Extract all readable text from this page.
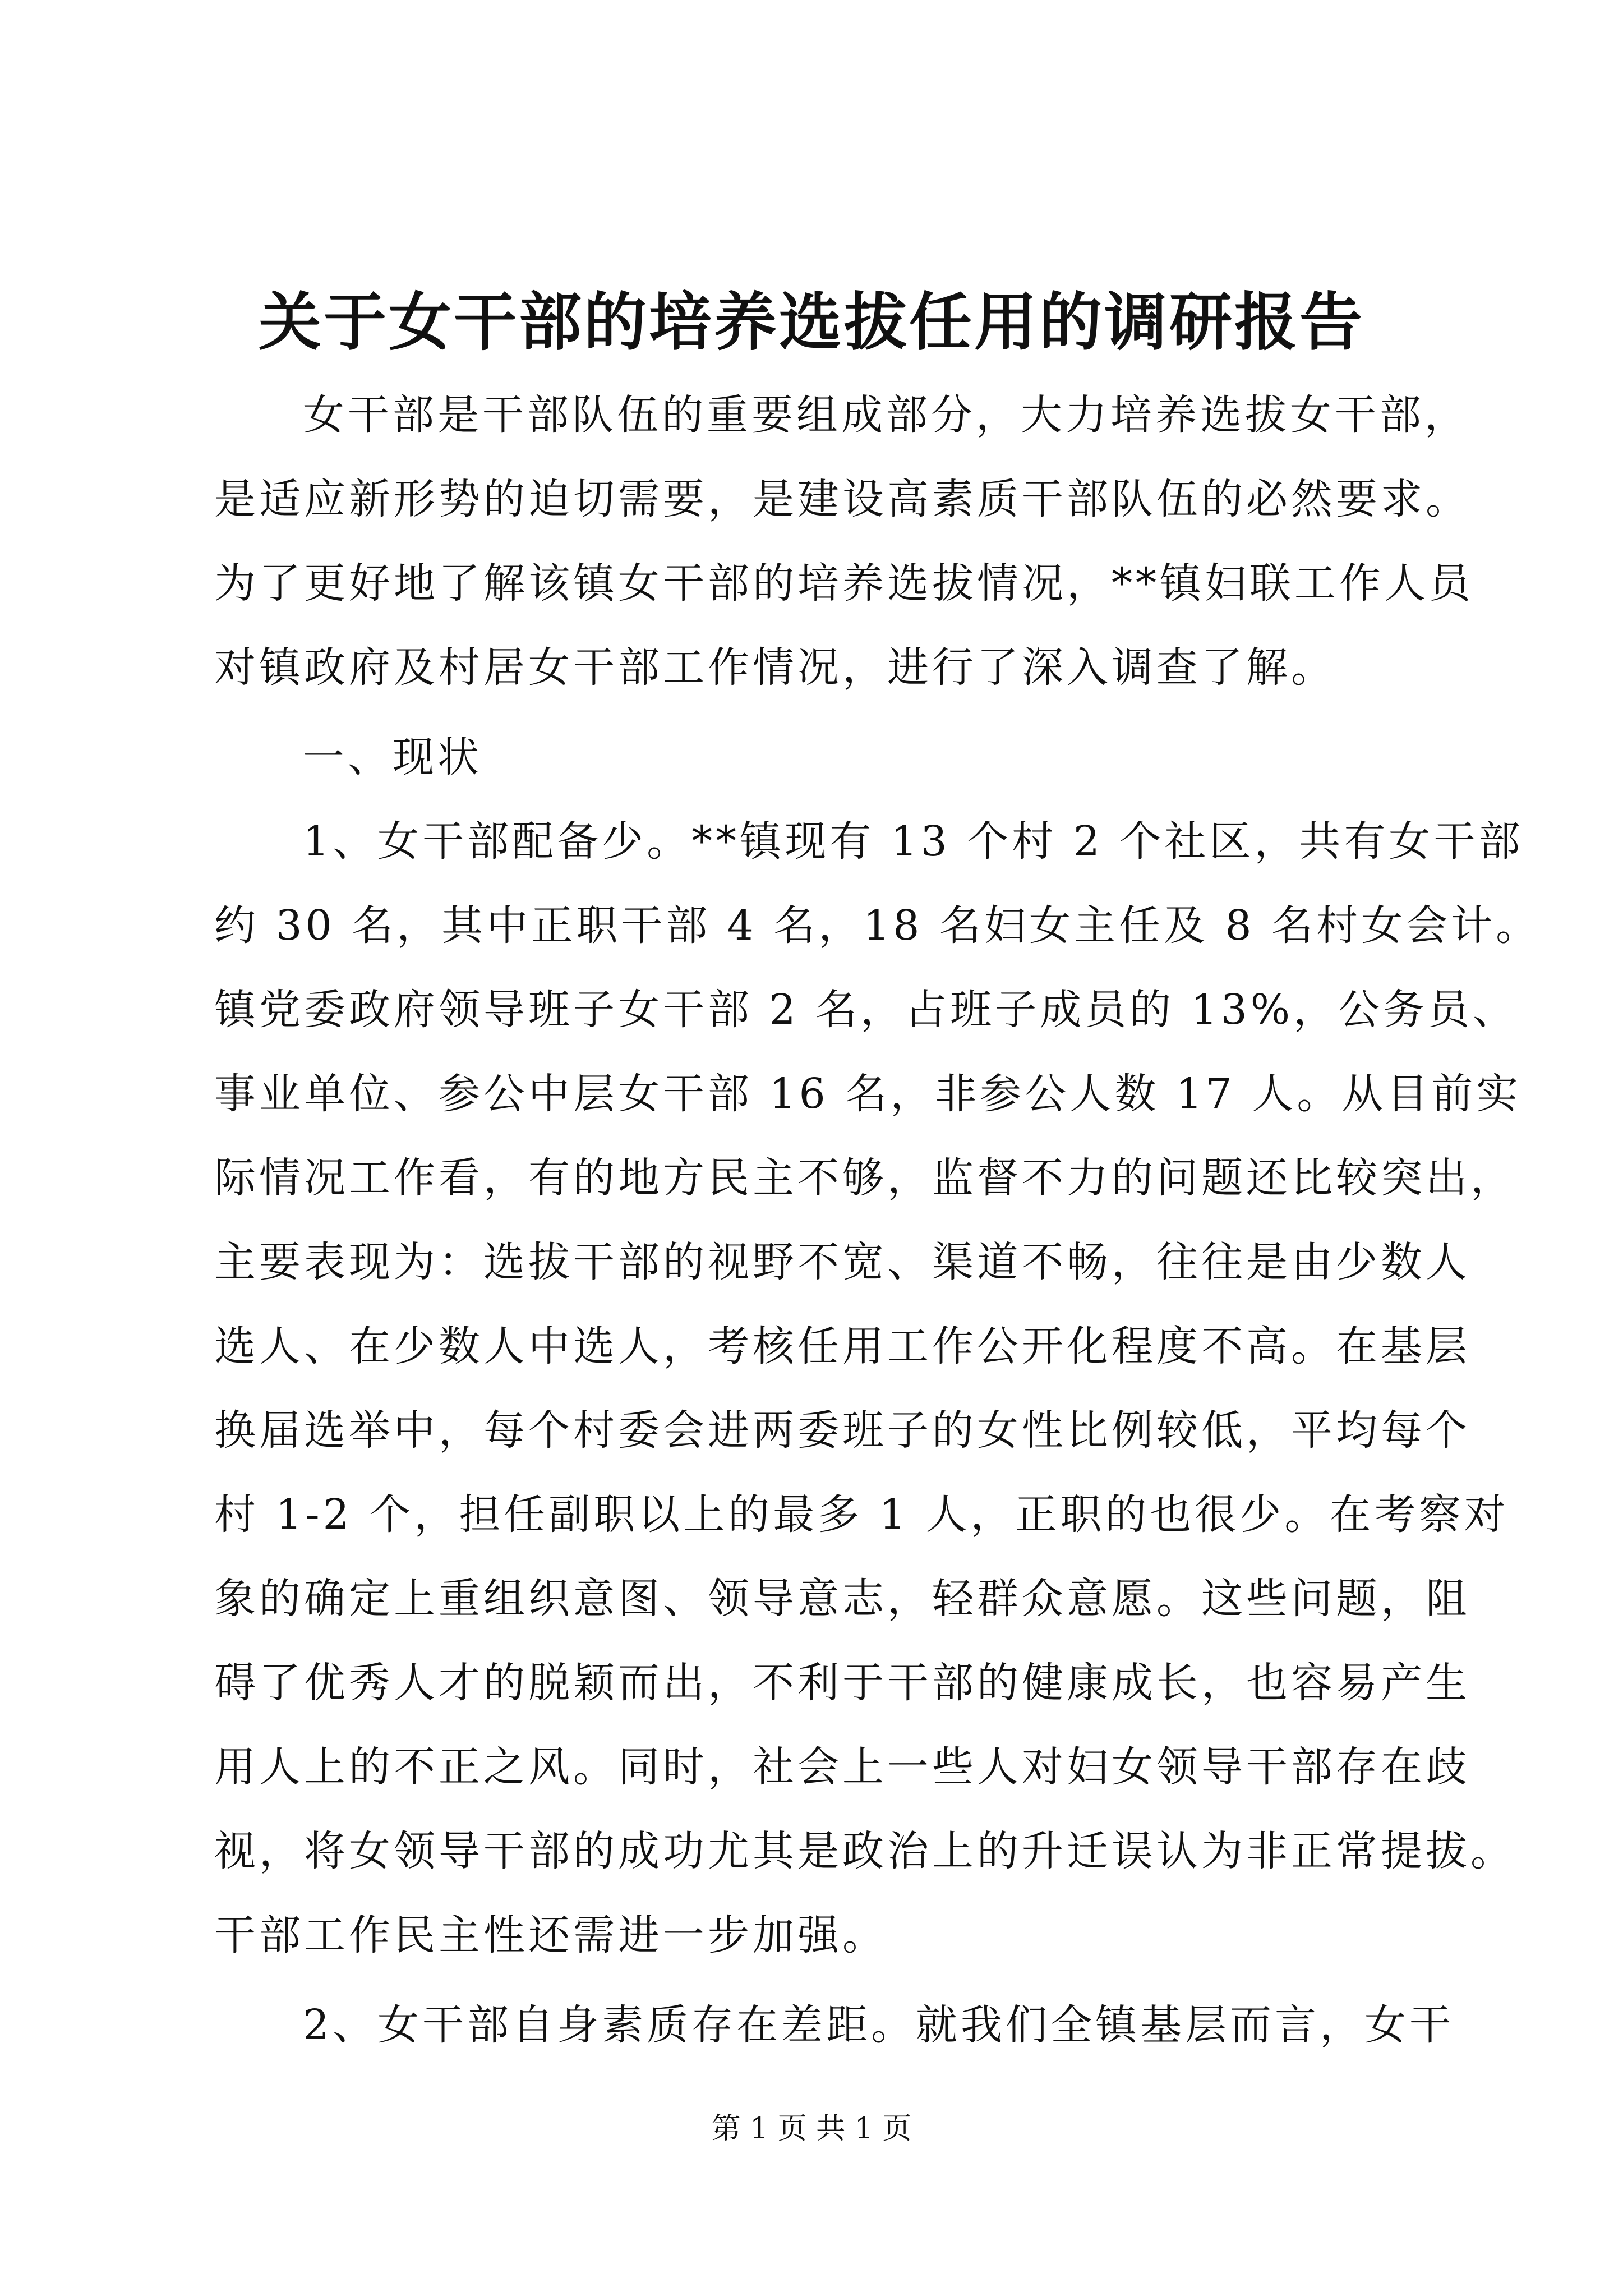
关于女干部的培养选拔任用的调研报告
女干部是干部队伍的重要组成部分，大力培养选拔女干部，
是适应新形势的迫切需要，是建设高素质干部队伍的必然要求。
为了更好地了解该镇女干部的培养选拔情况，**镇妇联工作人员
对镇政府及村居女干部工作情况，进行了深入调查了解。
一、现状
1、女干部配备少。**镇现有 13 个村 2 个社区，共有女干部
约 30 名，其中正职干部 4 名，18 名妇女主任及 8 名村女会计。
镇党委政府领导班子女干部 2 名，占班子成员的 13%，公务员、
事业单位、参公中层女干部 16 名，非参公人数 17 人。从目前实
际情况工作看，有的地方民主不够，监督不力的问题还比较突出，
主要表现为：选拔干部的视野不宽、渠道不畅，往往是由少数人
选人、在少数人中选人，考核任用工作公开化程度不高。在基层
换届选举中，每个村委会进两委班子的女性比例较低，平均每个
村 1-2 个，担任副职以上的最多 1 人，正职的也很少。在考察对
象的确定上重组织意图、领导意志，轻群众意愿。这些问题，阻
碍了优秀人才的脱颖而出，不利于干部的健康成长，也容易产生
用人上的不正之风。同时，社会上一些人对妇女领导干部存在歧
视，将女领导干部的成功尤其是政治上的升迁误认为非正常提拔。
干部工作民主性还需进一步加强。
2、女干部自身素质存在差距。就我们全镇基层而言，女干
第 1 页 共 1 页
